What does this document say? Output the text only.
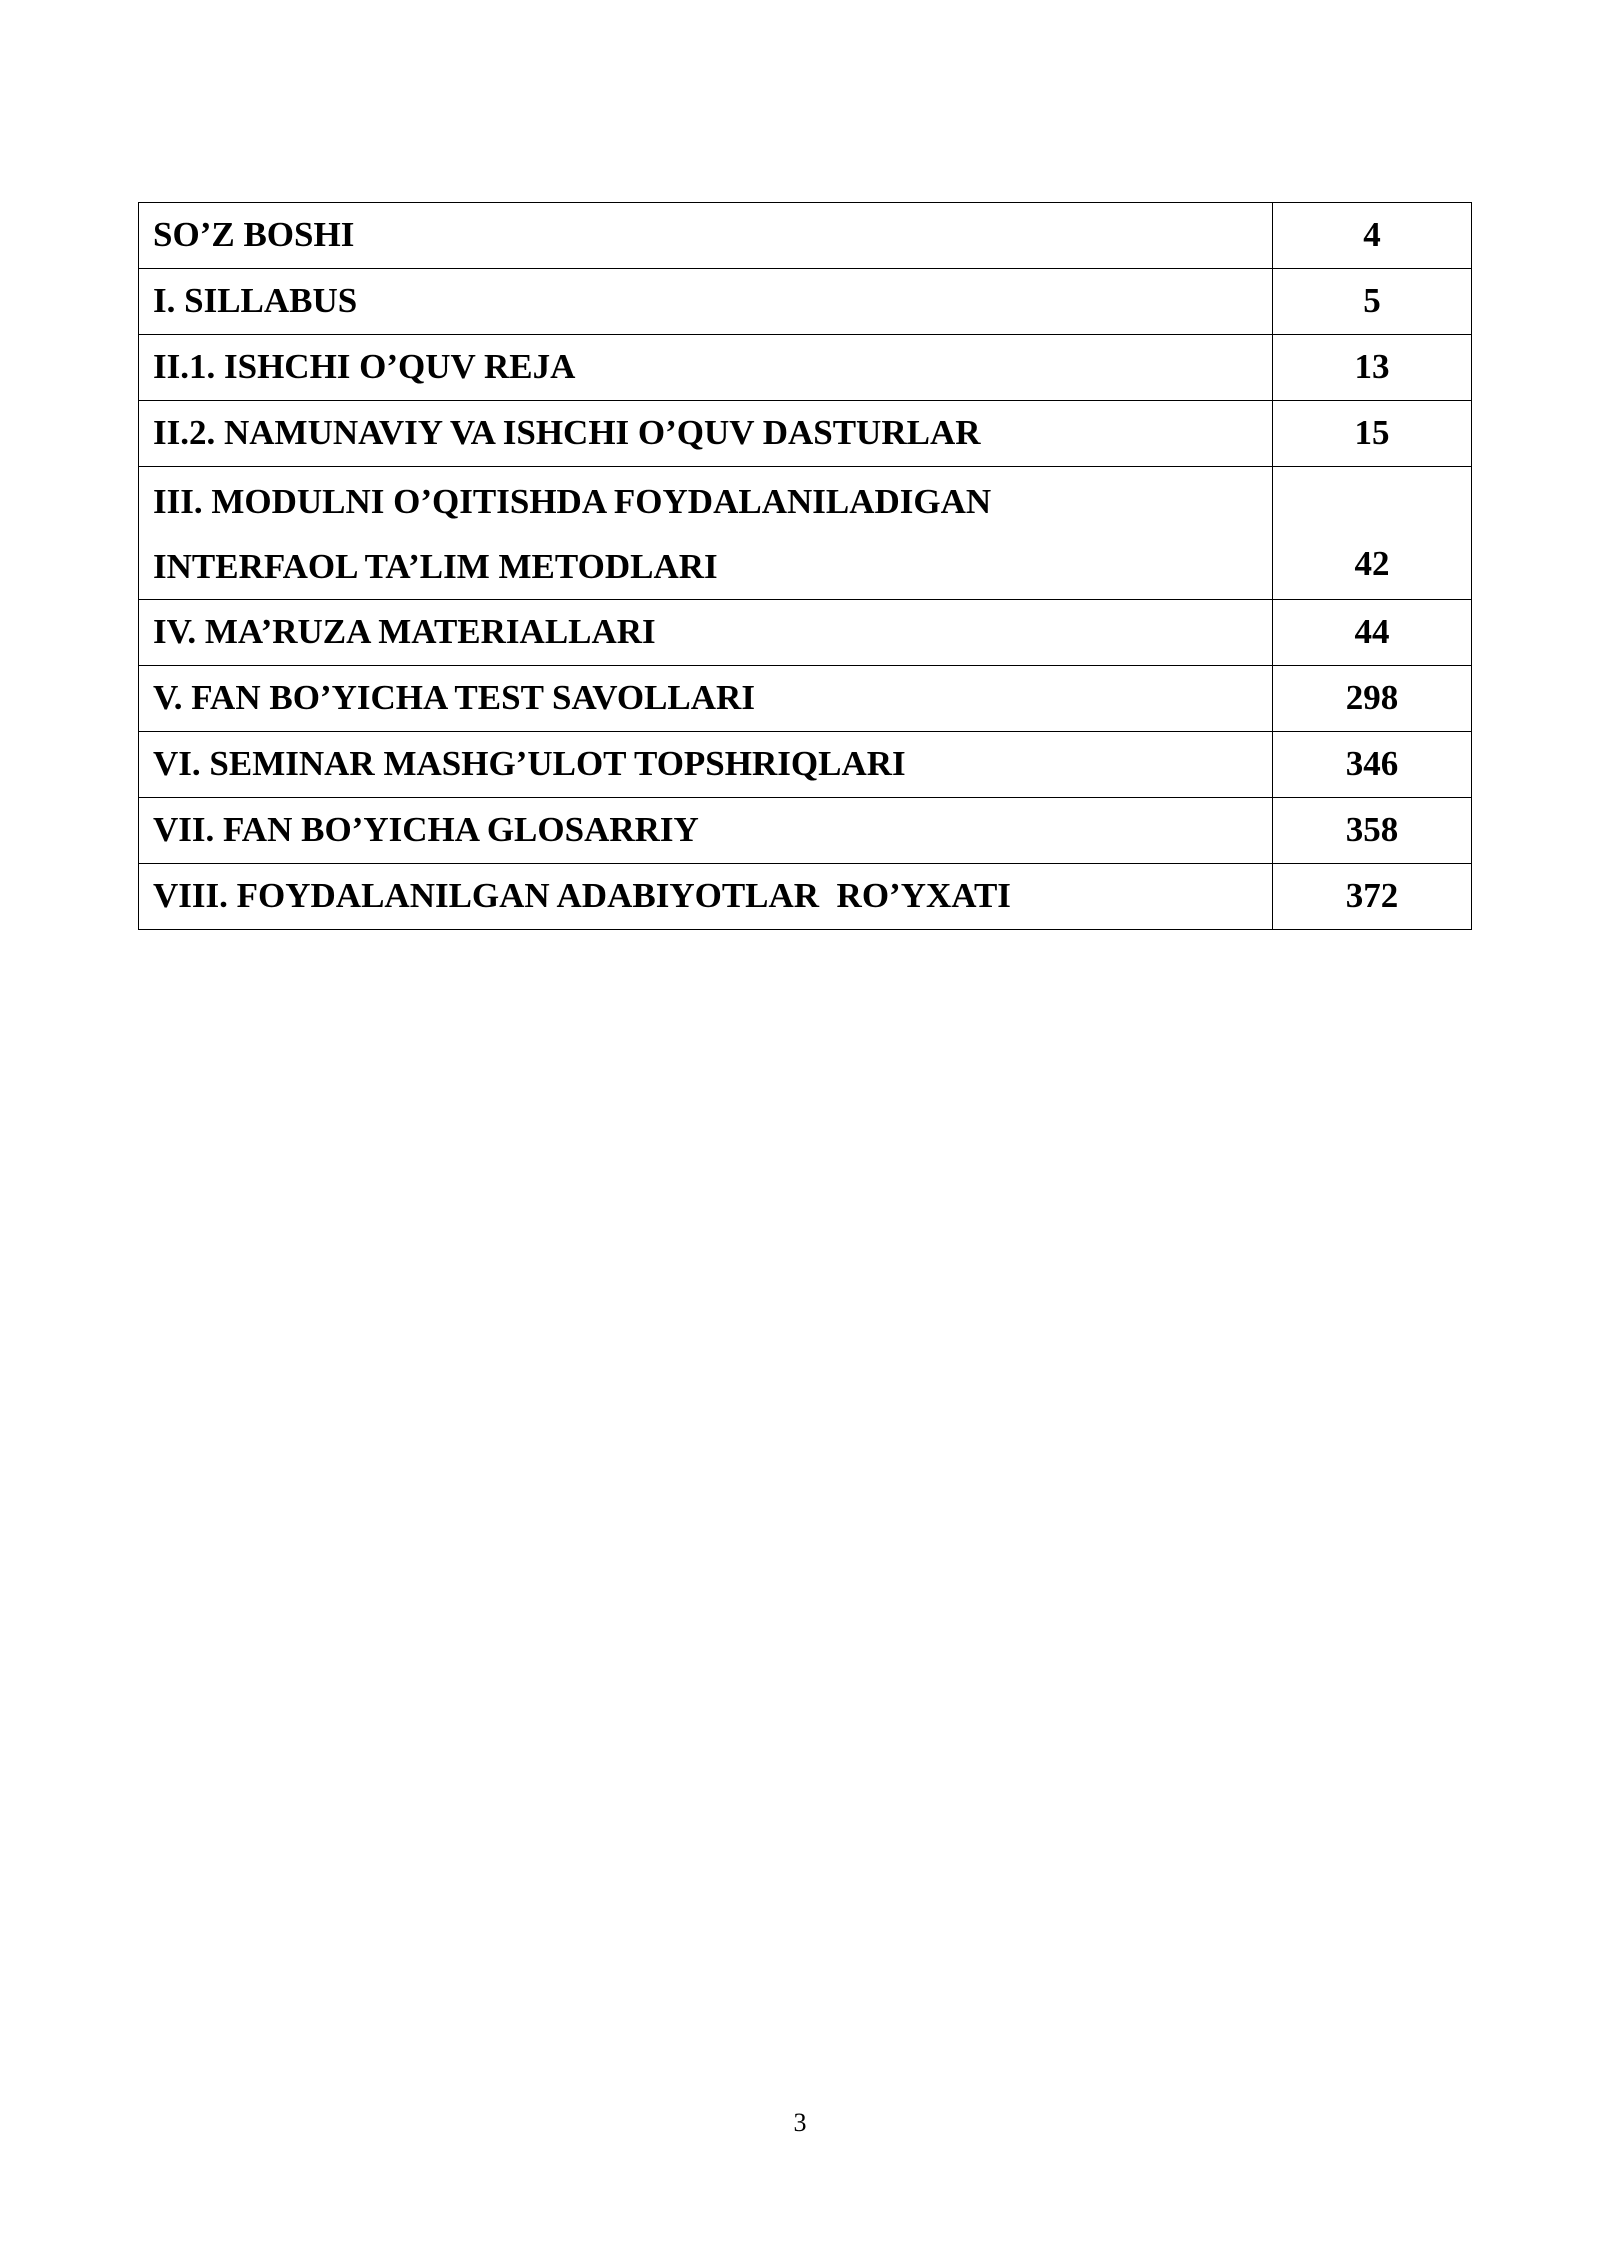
SO’Z BOSHI	4
I. SILLABUS	5
II.1. ISHCHI O’QUV REJA	13
II.2. NAMUNAVIY VA ISHCHI O’QUV DASTURLAR	15

III. MODULNI O’QITISHDA FOYDALANILADIGAN
INTERFAOL TA’LIM METODLARI	42
IV. MA’RUZA MATERIALLARI	44
V. FAN BO’YICHA TEST SAVOLLARI	298
VI. SEMINAR MASHG’ULOT TOPSHRIQLARI	346
VII. FAN BO’YICHA GLOSARRIY	358
VIII. FOYDALANILGAN ADABIYOTLAR  RO’YXATI	372
3
